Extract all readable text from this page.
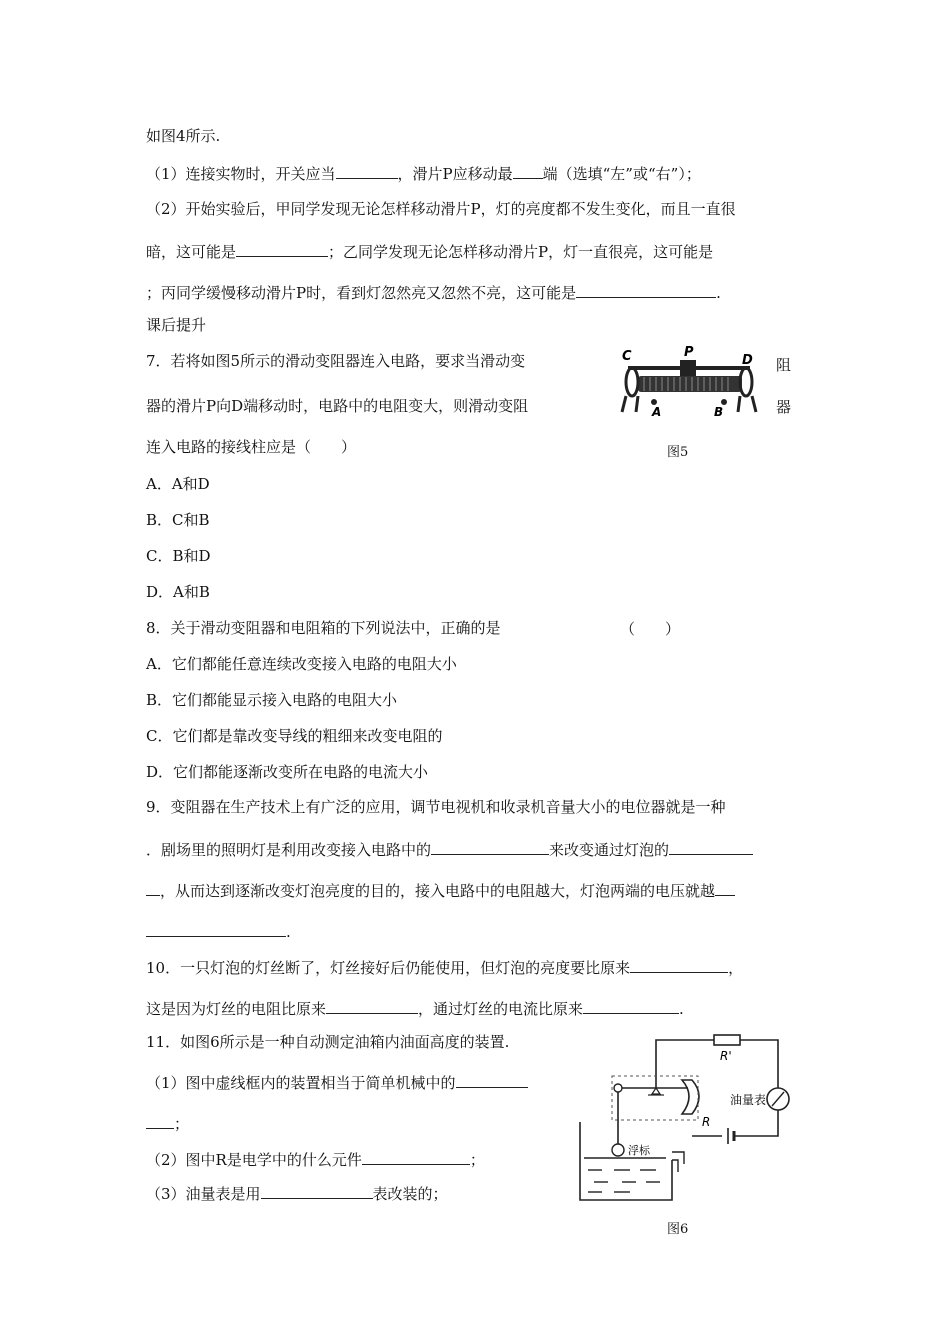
如图4所示.
（1）连接实物时，开关应当	，滑片P应移动最 端（选填“左”或“右”）；
（2）开始实验后，甲同学发现无论怎样移动滑片P，灯的亮度都不发生变化，而且一直很
暗，这可能是	；乙同学发现无论怎样移动滑片P，灯一直很亮，这可能是
；丙同学缓慢移动滑片P时，看到灯忽然亮又忽然不亮，这可能是	.
课后提升
7．若将如图5所示的滑动变阻器连入电路，要求当滑动变
器的滑片P向D端移动时，电路中的电阻变大，则滑动变阻
连入电路的接线柱应是（　　）
阻
器
C	P
D
A	B
图5
A．A和D
B．C和B
C．B和D
D．A和B
8．关于滑动变阻器和电阻箱的下列说法中，正确的是	（　　）
A．它们都能任意连续改变接入电路的电阻大小
B．它们都能显示接入电路的电阻大小
C．它们都是靠改变导线的粗细来改变电阻的
D．它们都能逐渐改变所在电路的电流大小
9．变阻器在生产技术上有广泛的应用，调节电视机和收录机音量大小的电位器就是一种
．剧场里的照明灯是利用改变接入电路中的	来改变通过灯泡的
，从而达到逐渐改变灯泡亮度的目的，接入电路中的电阻越大，灯泡两端的电压就越
.
10．一只灯泡的灯丝断了，灯丝接好后仍能使用，但灯泡的亮度要比原来	，
这是因为灯丝的电阻比原来	，通过灯丝的电流比原来	.
11．如图6所示是一种自动测定油箱内油面高度的装置.
（1）图中虚线框内的装置相当于简单机械中的
；
（2）图中R是电学中的什么元件	；
（3）油量表是用	表改装的；
R'
油量表
R
浮标
图6
